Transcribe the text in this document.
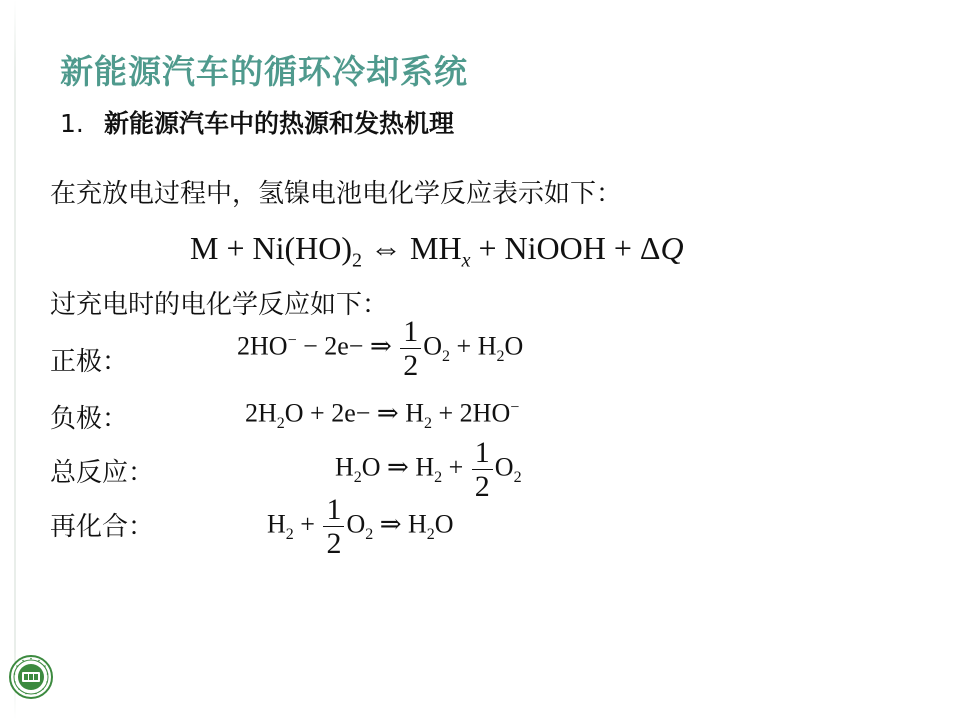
新能源汽车的循环冷却系统
1. 新能源汽车中的热源和发热机理
在充放电过程中，氢镍电池电化学反应表示如下：
$M + Ni(HO)_2$ ⇔ $MH_x$ + NiOOH + ΔQ
过充电时的电化学反应如下：
正极：
2HO− − 2e− ⇒ $\frac{1}{2} O_2 + H_2O$
负极：	$2H_2O + 2e-$ ⇒ $H_2 + 2HO^-$
总反应：	$H_2O$ ⇒ $H_2 + \frac{1}{2} O_2$
再化合：	$H_2 + \frac{1}{2} O_2$ ⇒ $H_2O$
